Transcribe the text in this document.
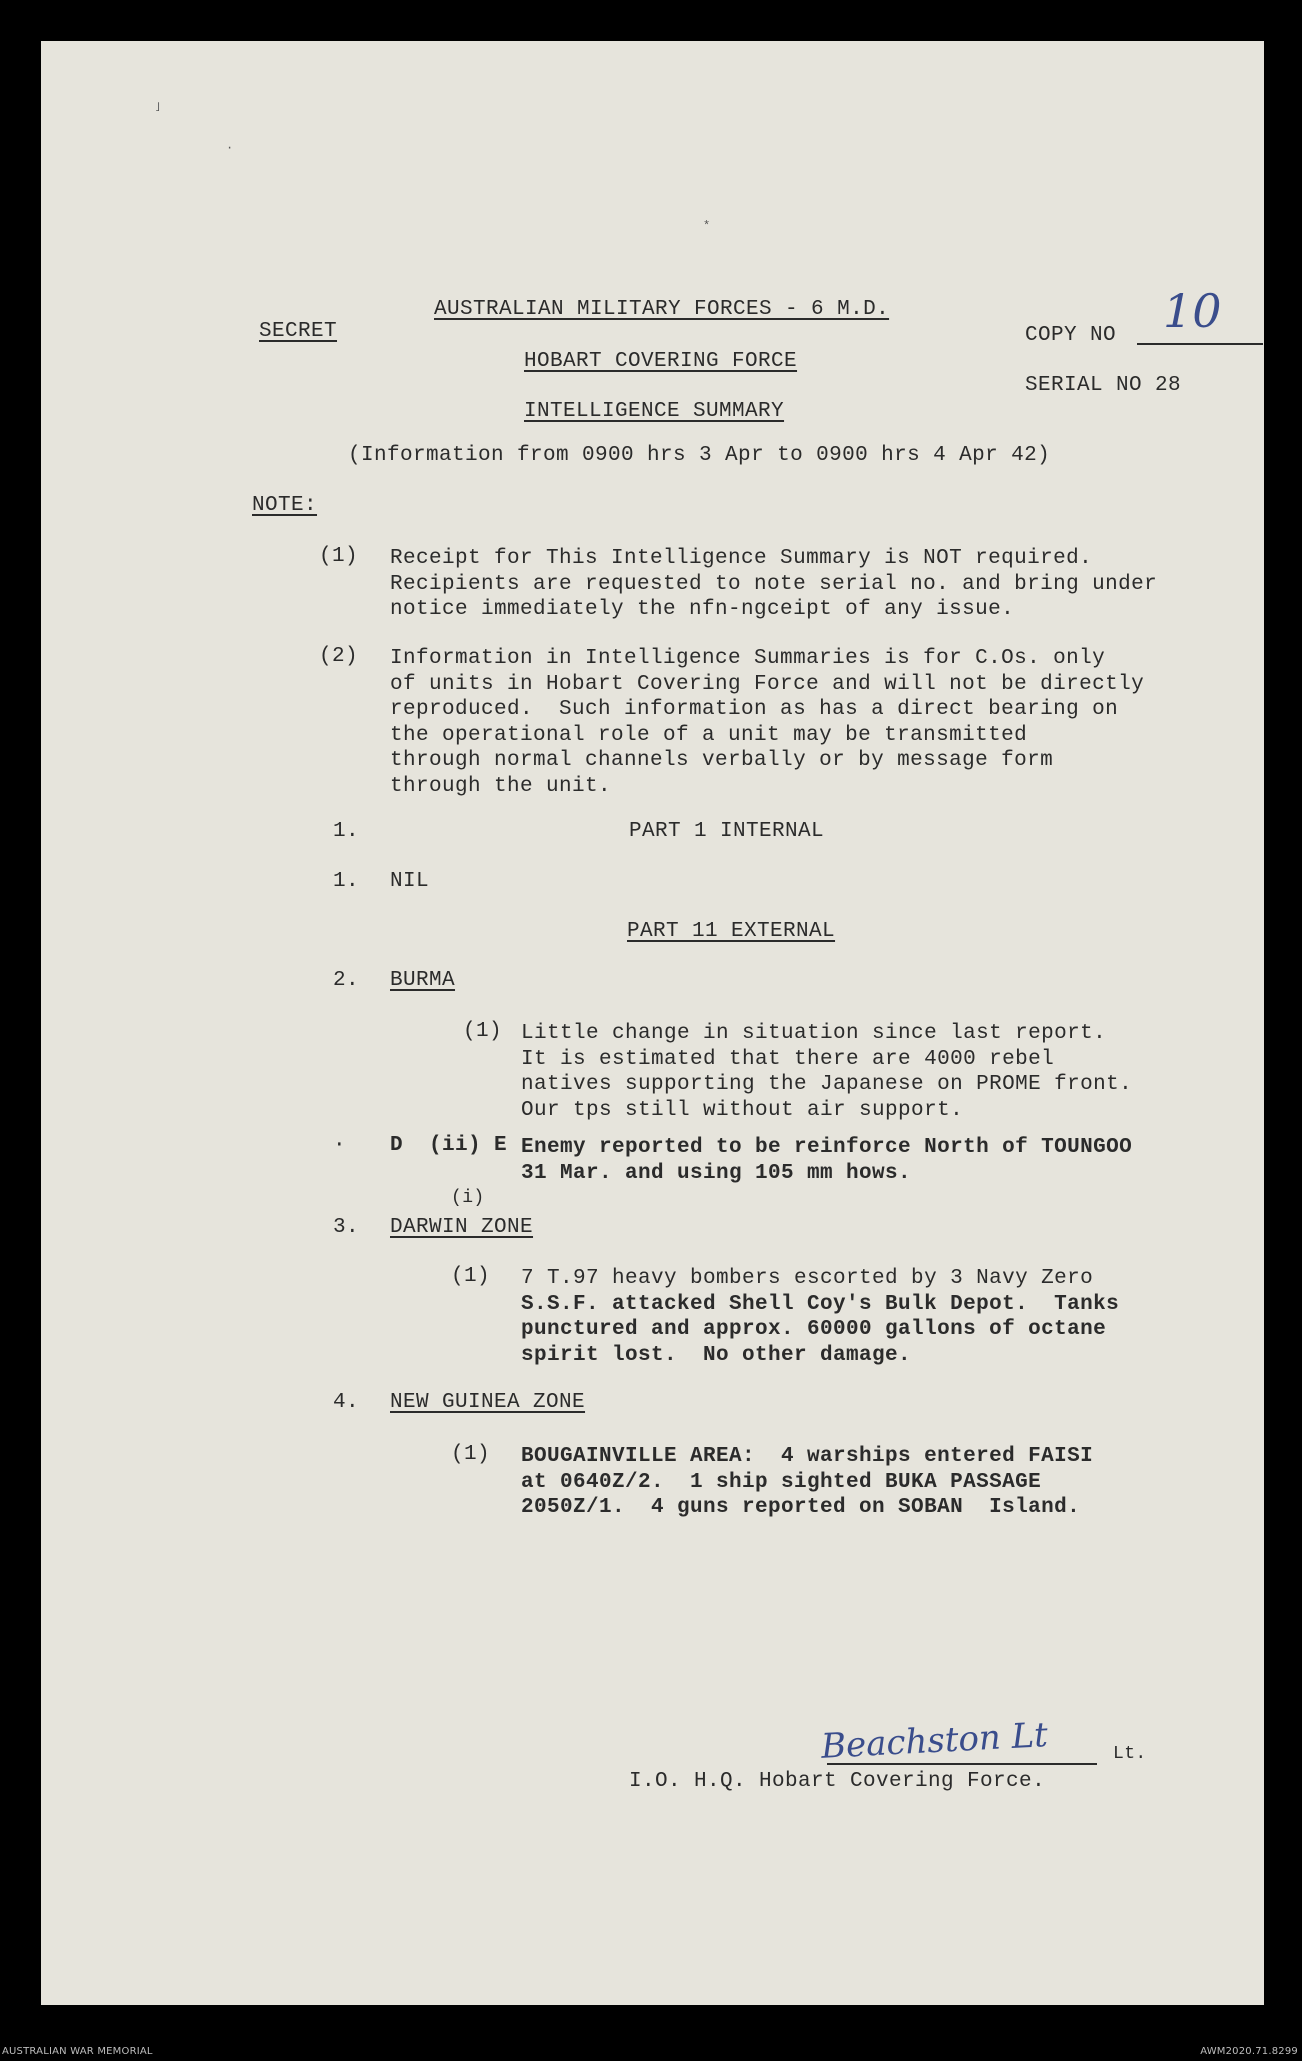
˩
·
*
AUSTRALIAN MILITARY FORCES - 6 M.D.
SECRET	COPY NO 10
HOBART COVERING FORCE
SERIAL NO 28
INTELLIGENCE SUMMARY
(Information from 0900 hrs 3 Apr to 0900 hrs 4 Apr 42)
NOTE:
(1) Receipt for This Intelligence Summary is NOT required.
Recipients are requested to note serial no. and bring under
notice immediately the nfn-ngceipt of any issue.
(2) Information in Intelligence Summaries is for C.Os. only
of units in Hobart Covering Force and will not be directly
reproduced.  Such information as has a direct bearing on
the operational role of a unit may be transmitted
through normal channels verbally or by message form
through the unit.
1.	PART 1 INTERNAL
1. NIL
PART 11 EXTERNAL
2. BURMA
(1) Little change in situation since last report.
It is estimated that there are 4000 rebel
natives supporting the Japanese on PROME front.
Our tps still without air support.
· D  (ii) E Enemy reported to be reinforce North of TOUNGOO
31 Mar. and using 105 mm hows.
(i)
3. DARWIN ZONE
(1) 7 T.97 heavy bombers escorted by 3 Navy Zero
S.S.F. attacked Shell Coy's Bulk Depot.  Tanks
punctured and approx. 60000 gallons of octane
spirit lost.  No other damage.
4. NEW GUINEA ZONE
(1) BOUGAINVILLE AREA:  4 warships entered FAISI
at 0640Z/2.  1 ship sighted BUKA PASSAGE
2050Z/1.  4 guns reported on SOBAN  Island.
Beachston Lt	Lt.
I.O. H.Q. Hobart Covering Force.
AUSTRALIAN WAR MEMORIAL	AWM2020.71.8299
